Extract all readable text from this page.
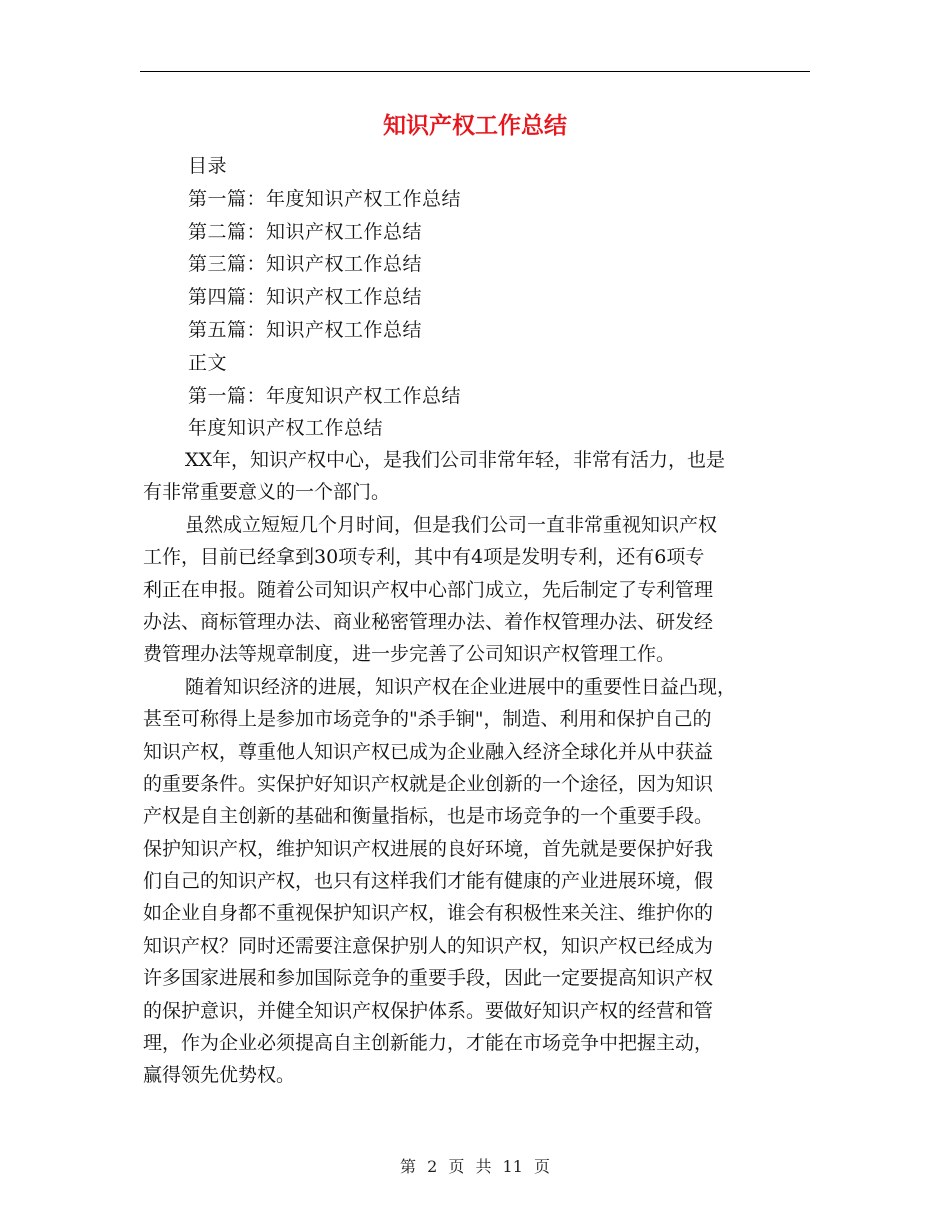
知识产权工作总结
目录
第一篇：年度知识产权工作总结
第二篇：知识产权工作总结
第三篇：知识产权工作总结
第四篇：知识产权工作总结
第五篇：知识产权工作总结
正文
第一篇：年度知识产权工作总结
年度知识产权工作总结
XX年，知识产权中心，是我们公司非常年轻，非常有活力，也是
有非常重要意义的一个部门。
虽然成立短短几个月时间，但是我们公司一直非常重视知识产权
工作，目前已经拿到30项专利，其中有4项是发明专利，还有6项专
利正在申报。随着公司知识产权中心部门成立，先后制定了专利管理
办法、商标管理办法、商业秘密管理办法、着作权管理办法、研发经
费管理办法等规章制度，进一步完善了公司知识产权管理工作。
随着知识经济的进展，知识产权在企业进展中的重要性日益凸现，
甚至可称得上是参加市场竞争的"杀手锏"，制造、利用和保护自己的
知识产权，尊重他人知识产权已成为企业融入经济全球化并从中获益
的重要条件。实保护好知识产权就是企业创新的一个途径，因为知识
产权是自主创新的基础和衡量指标，也是市场竞争的一个重要手段。
保护知识产权，维护知识产权进展的良好环境，首先就是要保护好我
们自己的知识产权，也只有这样我们才能有健康的产业进展环境，假
如企业自身都不重视保护知识产权，谁会有积极性来关注、维护你的
知识产权？同时还需要注意保护别人的知识产权，知识产权已经成为
许多国家进展和参加国际竞争的重要手段，因此一定要提高知识产权
的保护意识，并健全知识产权保护体系。要做好知识产权的经营和管
理，作为企业必须提高自主创新能力，才能在市场竞争中把握主动，
赢得领先优势权。
第 2 页 共 11 页
